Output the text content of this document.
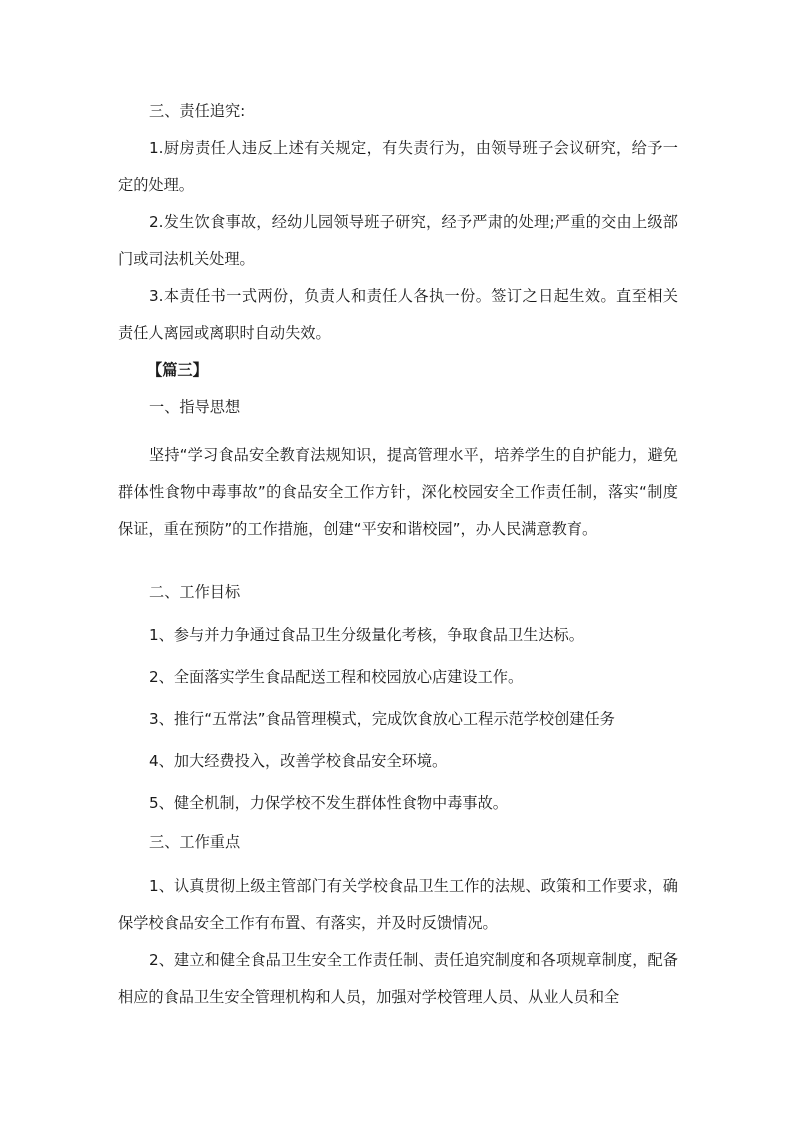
三、责任追究:

1.厨房责任人违反上述有关规定，有失责行为，由领导班子会议研究，给予一定的处理。

2.发生饮食事故，经幼儿园领导班子研究，经予严肃的处理;严重的交由上级部门或司法机关处理。

3.本责任书一式两份，负责人和责任人各执一份。签订之日起生效。直至相关责任人离园或离职时自动失效。

【篇三】

一、指导思想

坚持“学习食品安全教育法规知识，提高管理水平，培养学生的自护能力，避免群体性食物中毒事故”的食品安全工作方针，深化校园安全工作责任制，落实“制度保证，重在预防”的工作措施，创建“平安和谐校园”，办人民满意教育。

二、工作目标

1、参与并力争通过食品卫生分级量化考核，争取食品卫生达标。

2、全面落实学生食品配送工程和校园放心店建设工作。

3、推行“五常法”食品管理模式，完成饮食放心工程示范学校创建任务

4、加大经费投入，改善学校食品安全环境。

5、健全机制，力保学校不发生群体性食物中毒事故。

三、工作重点

1、认真贯彻上级主管部门有关学校食品卫生工作的法规、政策和工作要求，确保学校食品安全工作有布置、有落实，并及时反馈情况。

2、建立和健全食品卫生安全工作责任制、责任追究制度和各项规章制度，配备相应的食品卫生安全管理机构和人员，加强对学校管理人员、从业人员和全
